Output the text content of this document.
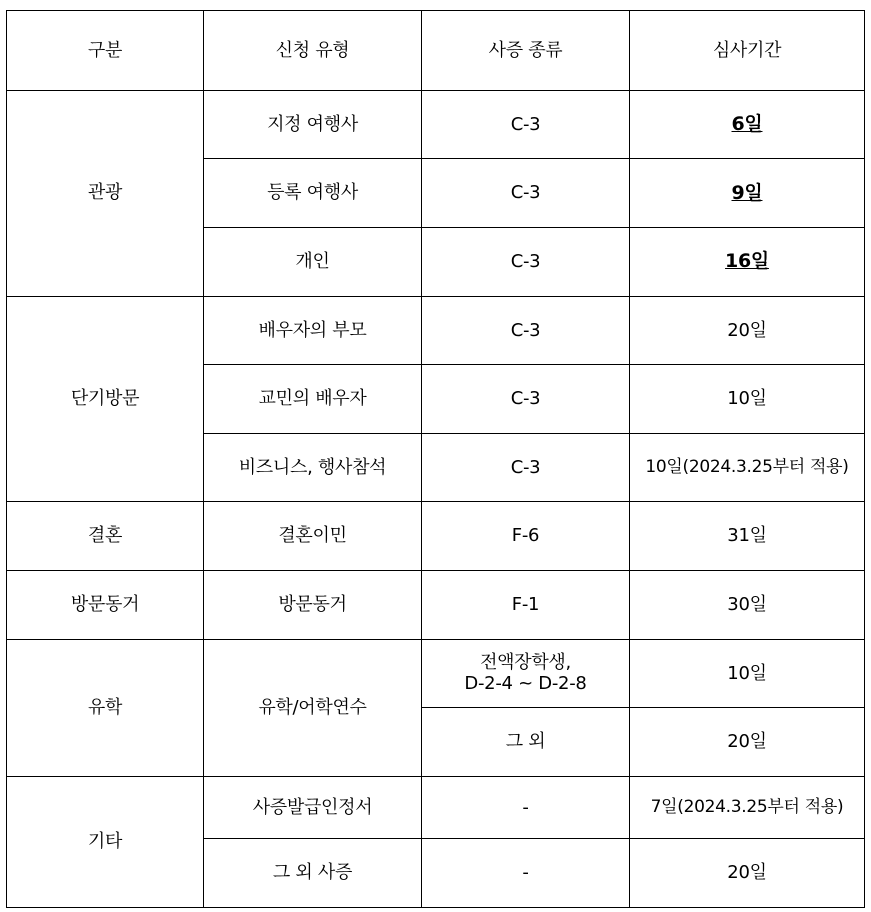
구분	신청 유형	사증 종류	심사기간
관광	지정 여행사	C-3	6일
	등록 여행사	C-3	9일
	개인	C-3	16일
단기방문	배우자의 부모	C-3	20일
	교민의 배우자	C-3	10일
	비즈니스, 행사참석	C-3	10일(2024.3.25부터 적용)
결혼	결혼이민	F-6	31일
방문동거	방문동거	F-1	30일
유학	유학/어학연수	전액장학생,
D-2-4 ~ D-2-8	10일
		그 외	20일
기타	사증발급인정서	-	7일(2024.3.25부터 적용)
	그 외 사증	-	20일
